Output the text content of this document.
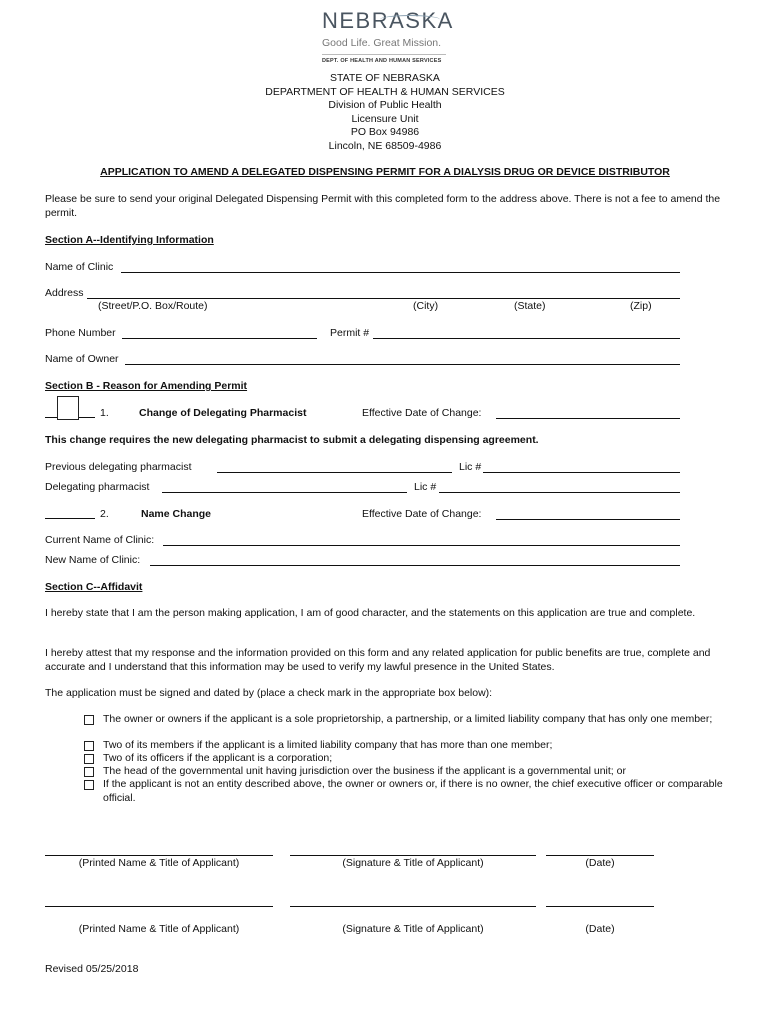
NEBRASKA
Good Life. Great Mission.
DEPT. OF HEALTH AND HUMAN SERVICES
STATE OF NEBRASKA
DEPARTMENT OF HEALTH & HUMAN SERVICES
Division of Public Health
Licensure Unit
PO Box 94986
Lincoln, NE 68509-4986
APPLICATION TO AMEND A DELEGATED DISPENSING PERMIT FOR A DIALYSIS DRUG OR DEVICE DISTRIBUTOR
Please be sure to send your original Delegated Dispensing Permit with this completed form to the address above. There is not a fee to amend the permit.
Section A--Identifying Information
Name of Clinic
Address
(Street/P.O. Box/Route)	(City)	(State)	(Zip)
Phone Number	Permit #
Name of Owner
Section B - Reason for Amending Permit
1.	Change of Delegating Pharmacist	Effective Date of Change:
This change requires the new delegating pharmacist to submit a delegating dispensing agreement.
Previous delegating pharmacist	Lic #
Delegating pharmacist	Lic #
2.	Name Change	Effective Date of Change:
Current Name of Clinic:
New Name of Clinic:
Section C--Affidavit
I hereby state that I am the person making application, I am of good character, and the statements on this application are true and complete.
I hereby attest that my response and the information provided on this form and any related application for public benefits are true, complete and accurate and I understand that this information may be used to verify my lawful presence in the United States.
The application must be signed and dated by (place a check mark in the appropriate box below):
The owner or owners if the applicant is a sole proprietorship, a partnership, or a limited liability company that has only one member;
Two of its members if the applicant is a limited liability company that has more than one member;
Two of its officers if the applicant is a corporation;
The head of the governmental unit having jurisdiction over the business if the applicant is a governmental unit; or
If the applicant is not an entity described above, the owner or owners or, if there is no owner, the chief executive officer or comparable official.
(Printed Name & Title of Applicant)	(Signature & Title of Applicant)	(Date)
(Printed Name & Title of Applicant)	(Signature & Title of Applicant)	(Date)
Revised 05/25/2018
